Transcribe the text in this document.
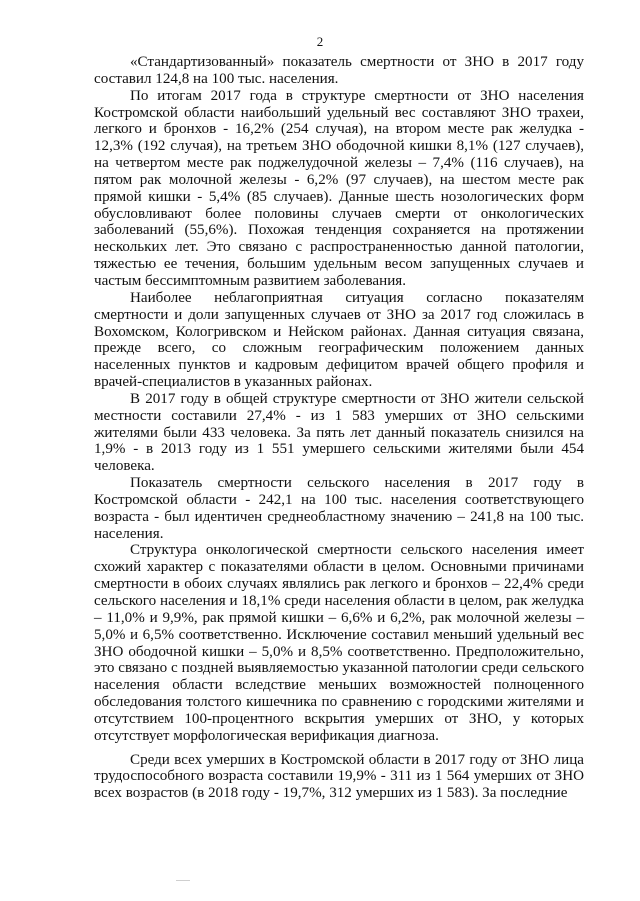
2

«Стандартизованный» показатель смертности от ЗНО в 2017 году составил 124,8 на 100 тыс. населения.

По итогам 2017 года в структуре смертности от ЗНО населения Костромской области наибольший удельный вес составляют ЗНО трахеи, легкого и бронхов - 16,2% (254 случая), на втором месте рак желудка - 12,3% (192 случая), на третьем ЗНО ободочной кишки 8,1% (127 случаев), на четвертом месте рак поджелудочной железы – 7,4% (116 случаев), на пятом рак молочной железы - 6,2% (97 случаев), на шестом месте рак прямой кишки - 5,4% (85 случаев). Данные шесть нозологических форм обусловливают более половины случаев смерти от онкологических заболеваний (55,6%). Похожая тенденция сохраняется на протяжении нескольких лет. Это связано с распространенностью данной патологии, тяжестью ее течения, большим удельным весом запущенных случаев и частым бессимптомным развитием заболевания.

Наиболее неблагоприятная ситуация согласно показателям смертности и доли запущенных случаев от ЗНО за 2017 год сложилась в Вохомском, Кологривском и Нейском районах. Данная ситуация связана, прежде всего, со сложным географическим положением данных населенных пунктов и кадровым дефицитом врачей общего профиля и врачей-специалистов в указанных районах.

В 2017 году в общей структуре смертности от ЗНО жители сельской местности составили 27,4% - из 1 583 умерших от ЗНО сельскими жителями были 433 человека. За пять лет данный показатель снизился на 1,9% - в 2013 году из 1 551 умершего сельскими жителями были 454 человека.

Показатель смертности сельского населения в 2017 году в Костромской области - 242,1 на 100 тыс. населения соответствующего возраста - был идентичен среднеобластному значению – 241,8 на 100 тыс. населения.

Структура онкологической смертности сельского населения имеет схожий характер с показателями области в целом. Основными причинами смертности в обоих случаях являлись рак легкого и бронхов – 22,4% среди сельского населения и 18,1% среди населения области в целом, рак желудка – 11,0% и 9,9%, рак прямой кишки – 6,6% и 6,2%, рак молочной железы – 5,0% и 6,5% соответственно. Исключение составил меньший удельный вес ЗНО ободочной кишки – 5,0% и 8,5% соответственно. Предположительно, это связано с поздней выявляемостью указанной патологии среди сельского населения области вследствие меньших возможностей полноценного обследования толстого кишечника по сравнению с городскими жителями и отсутствием 100-процентного вскрытия умерших от ЗНО, у которых отсутствует морфологическая верификация диагноза.

Среди всех умерших в Костромской области в 2017 году от ЗНО лица трудоспособного возраста составили 19,9% - 311 из 1 564 умерших от ЗНО всех возрастов (в 2018 году - 19,7%, 312 умерших из 1 583). За последние
